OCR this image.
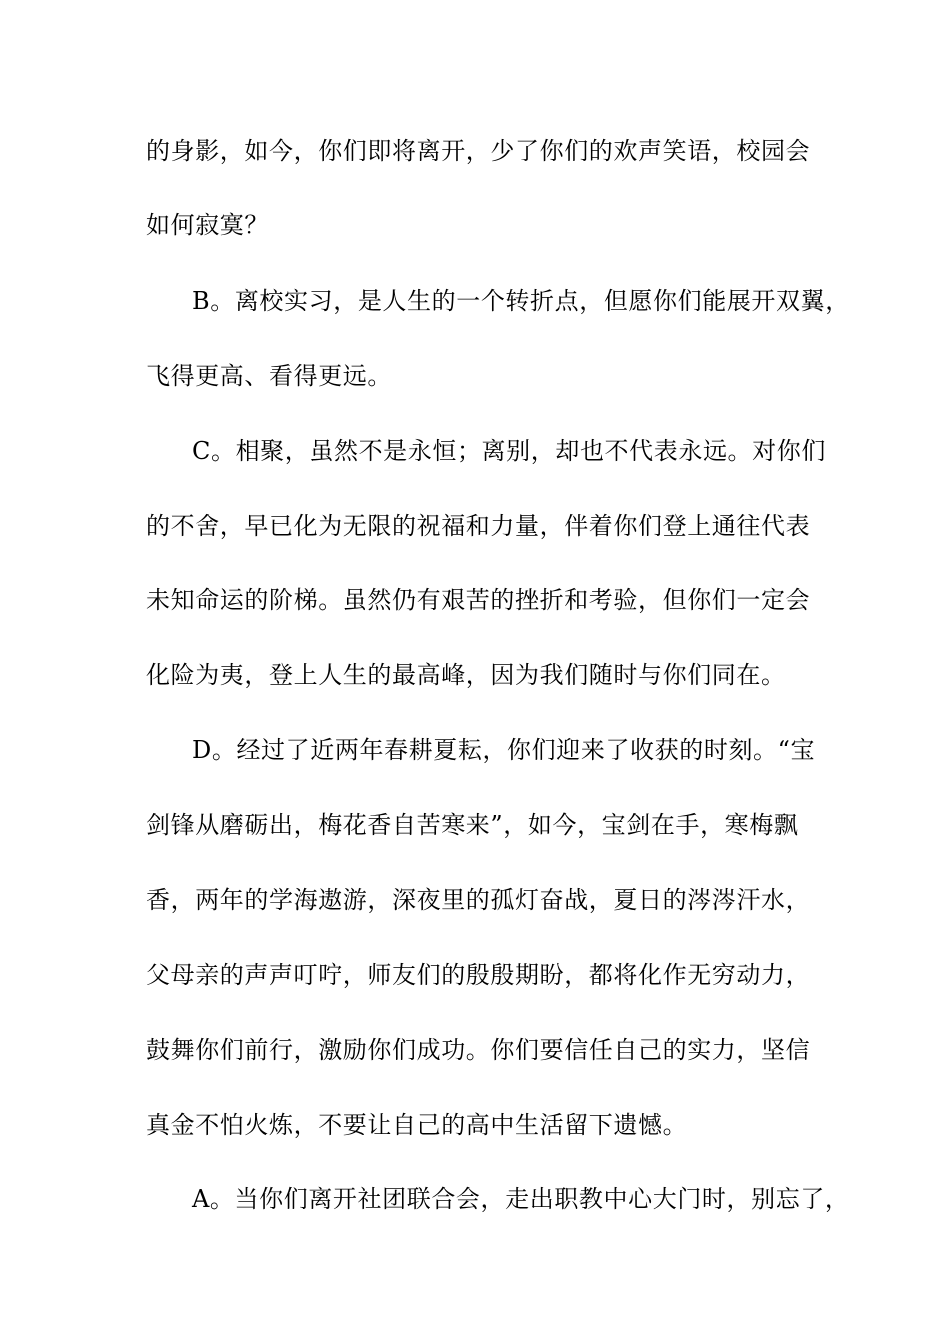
的身影，如今，你们即将离开，少了你们的欢声笑语，校园会
如何寂寞？
B。离校实习，是人生的一个转折点，但愿你们能展开双翼，
飞得更高、看得更远。
C。相聚，虽然不是永恒；离别，却也不代表永远。对你们
的不舍，早已化为无限的祝福和力量，伴着你们登上通往代表
未知命运的阶梯。虽然仍有艰苦的挫折和考验，但你们一定会
化险为夷，登上人生的最高峰，因为我们随时与你们同在。
D。经过了近两年春耕夏耘，你们迎来了收获的时刻。“宝
剑锋从磨砺出，梅花香自苦寒来”，如今，宝剑在手，寒梅飘
香，两年的学海遨游，深夜里的孤灯奋战，夏日的涔涔汗水，
父母亲的声声叮咛，师友们的殷殷期盼，都将化作无穷动力，
鼓舞你们前行，激励你们成功。你们要信任自己的实力，坚信
真金不怕火炼，不要让自己的高中生活留下遗憾。
A。当你们离开社团联合会，走出职教中心大门时，别忘了，
